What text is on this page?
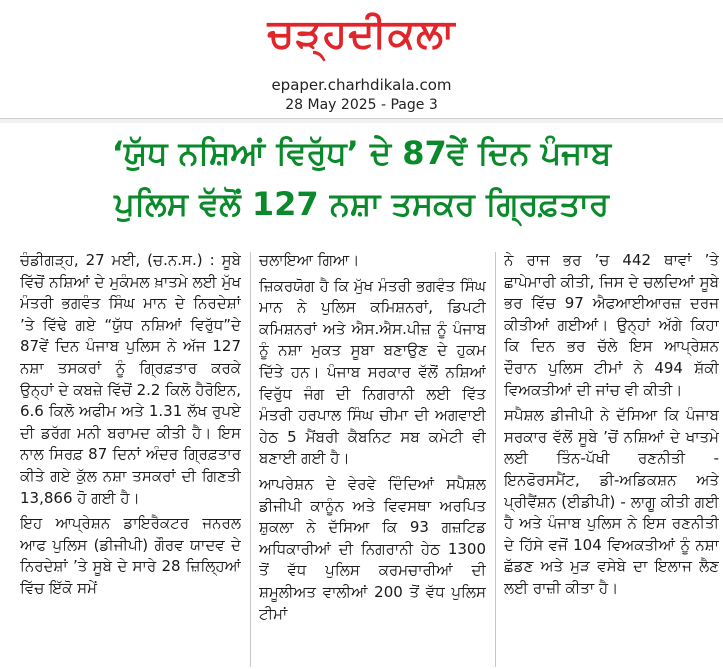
ਚੜ੍ਹਦੀਕਲਾ
epaper.charhdikala.com
28 May 2025 - Page 3
‘ਯੁੱਧ ਨਸ਼ਿਆਂ ਵਿਰੁੱਧ’ ਦੇ 87ਵੇਂ ਦਿਨ ਪੰਜਾਬ
ਪੁਲਿਸ ਵੱਲੋਂ 127 ਨਸ਼ਾ ਤਸਕਰ ਗ੍ਰਿਫ਼ਤਾਰ

ਚੰਡੀਗੜ੍ਹ, 27 ਮਈ, (ਚ.ਨ.ਸ.) : ਸੂਬੇ ਵਿੱਚੋਂ ਨਸ਼ਿਆਂ ਦੇ ਮੁਕੰਮਲ ਖ਼ਾਤਮੇ ਲਈ ਮੁੱਖ ਮੰਤਰੀ ਭਗਵੰਤ ਸਿੰਘ ਮਾਨ ਦੇ ਨਿਰਦੇਸ਼ਾਂ ’ਤੇ ਵਿੱਢੇ ਗਏ “ਯੁੱਧ ਨਸ਼ਿਆਂ ਵਿਰੁੱਧ”ਦੇ 87ਵੇਂ ਦਿਨ ਪੰਜਾਬ ਪੁਲਿਸ ਨੇ ਅੱਜ 127 ਨਸ਼ਾ ਤਸਕਰਾਂ ਨੂੰ ਗ੍ਰਿਫ਼ਤਾਰ ਕਰਕੇ ਉਨ੍ਹਾਂ ਦੇ ਕਬਜ਼ੇ ਵਿੱਚੋਂ 2.2 ਕਿਲੋ ਹੈਰੋਇਨ, 6.6 ਕਿਲੋ ਅਫੀਮ ਅਤੇ 1.31 ਲੱਖ ਰੁਪਏ ਦੀ ਡਰੱਗ ਮਨੀ ਬਰਾਮਦ ਕੀਤੀ ਹੈ। ਇਸ ਨਾਲ ਸਿਰਫ਼ 87 ਦਿਨਾਂ ਅੰਦਰ ਗ੍ਰਿਫ਼ਤਾਰ ਕੀਤੇ ਗਏ ਕੁੱਲ ਨਸ਼ਾ ਤਸਕਰਾਂ ਦੀ ਗਿਣਤੀ 13,866 ਹੋ ਗਈ ਹੈ।

ਇਹ ਆਪ੍ਰੇਸ਼ਨ ਡਾਇਰੈਕਟਰ ਜਨਰਲ ਆਫ ਪੁਲਿਸ (ਡੀਜੀਪੀ) ਗੌਰਵ ਯਾਦਵ ਦੇ ਨਿਰਦੇਸ਼ਾਂ ’ਤੇ ਸੂਬੇ ਦੇ ਸਾਰੇ 28 ਜ਼ਿਲ੍ਹਿਆਂ ਵਿੱਚ ਇੱਕੋ ਸਮੇਂ

ਚਲਾਇਆ ਗਿਆ।

ਜ਼ਿਕਰਯੋਗ ਹੈ ਕਿ ਮੁੱਖ ਮੰਤਰੀ ਭਗਵੰਤ ਸਿੰਘ ਮਾਨ ਨੇ ਪੁਲਿਸ ਕਮਿਸ਼ਨਰਾਂ, ਡਿਪਟੀ ਕਮਿਸ਼ਨਰਾਂ ਅਤੇ ਐਸ.ਐਸ.ਪੀਜ਼ ਨੂੰ ਪੰਜਾਬ ਨੂੰ ਨਸ਼ਾ ਮੁਕਤ ਸੂਬਾ ਬਣਾਉਣ ਦੇ ਹੁਕਮ ਦਿੱਤੇ ਹਨ। ਪੰਜਾਬ ਸਰਕਾਰ ਵੱਲੋਂ ਨਸ਼ਿਆਂ ਵਿਰੁੱਧ ਜੰਗ ਦੀ ਨਿਗਰਾਨੀ ਲਈ ਵਿੱਤ ਮੰਤਰੀ ਹਰਪਾਲ ਸਿੰਘ ਚੀਮਾ ਦੀ ਅਗਵਾਈ ਹੇਠ 5 ਮੈਂਬਰੀ ਕੈਬਨਿਟ ਸਬ ਕਮੇਟੀ ਵੀ ਬਣਾਈ ਗਈ ਹੈ।

ਆਪਰੇਸ਼ਨ ਦੇ ਵੇਰਵੇ ਦਿੰਦਿਆਂ ਸਪੈਸ਼ਲ ਡੀਜੀਪੀ ਕਾਨੂੰਨ ਅਤੇ ਵਿਵਸਥਾ ਅਰਪਿਤ ਸ਼ੁਕਲਾ ਨੇ ਦੱਸਿਆ ਕਿ 93 ਗਜ਼ਟਿਡ ਅਧਿਕਾਰੀਆਂ ਦੀ ਨਿਗਰਾਨੀ ਹੇਠ 1300 ਤੋਂ ਵੱਧ ਪੁਲਿਸ ਕਰਮਚਾਰੀਆਂ ਦੀ ਸ਼ਮੂਲੀਅਤ ਵਾਲੀਆਂ 200 ਤੋਂ ਵੱਧ ਪੁਲਿਸ ਟੀਮਾਂ

ਨੇ ਰਾਜ ਭਰ ’ਚ 442 ਥਾਵਾਂ ’ਤੇ ਛਾਪੇਮਾਰੀ ਕੀਤੀ, ਜਿਸ ਦੇ ਚਲਦਿਆਂ ਸੂਬੇ ਭਰ ਵਿੱਚ 97 ਐਫਆਈਆਰਜ਼ ਦਰਜ ਕੀਤੀਆਂ ਗਈਆਂ। ਉਨ੍ਹਾਂ ਅੱਗੇ ਕਿਹਾ ਕਿ ਦਿਨ ਭਰ ਚੱਲੇ ਇਸ ਆਪ੍ਰੇਸ਼ਨ ਦੌਰਾਨ ਪੁਲਿਸ ਟੀਮਾਂ ਨੇ 494 ਸ਼ੱਕੀ ਵਿਅਕਤੀਆਂ ਦੀ ਜਾਂਚ ਵੀ ਕੀਤੀ।

ਸਪੈਸ਼ਲ ਡੀਜੀਪੀ ਨੇ ਦੱਸਿਆ ਕਿ ਪੰਜਾਬ ਸਰਕਾਰ ਵੱਲੋਂ ਸੂਬੇ ’ਚੋਂ ਨਸ਼ਿਆਂ ਦੇ ਖਾਤਮੇ ਲਈ ਤਿੰਨ-ਪੱਖੀ ਰਣਨੀਤੀ - ਇਨਫੋਰਸਮੈਂਟ, ਡੀ-ਅਡਿਕਸ਼ਨ ਅਤੇ ਪ੍ਰੀਵੈਂਸ਼ਨ (ਈਡੀਪੀ) - ਲਾਗੂ ਕੀਤੀ ਗਈ ਹੈ ਅਤੇ ਪੰਜਾਬ ਪੁਲਿਸ ਨੇ ਇਸ ਰਣਨੀਤੀ ਦੇ ਹਿੱਸੇ ਵਜੋਂ 104 ਵਿਅਕਤੀਆਂ ਨੂੰ ਨਸ਼ਾ ਛੱਡਣ ਅਤੇ ਮੁੜ ਵਸੇਬੇ ਦਾ ਇਲਾਜ ਲੈਣ ਲਈ ਰਾਜ਼ੀ ਕੀਤਾ ਹੈ।
